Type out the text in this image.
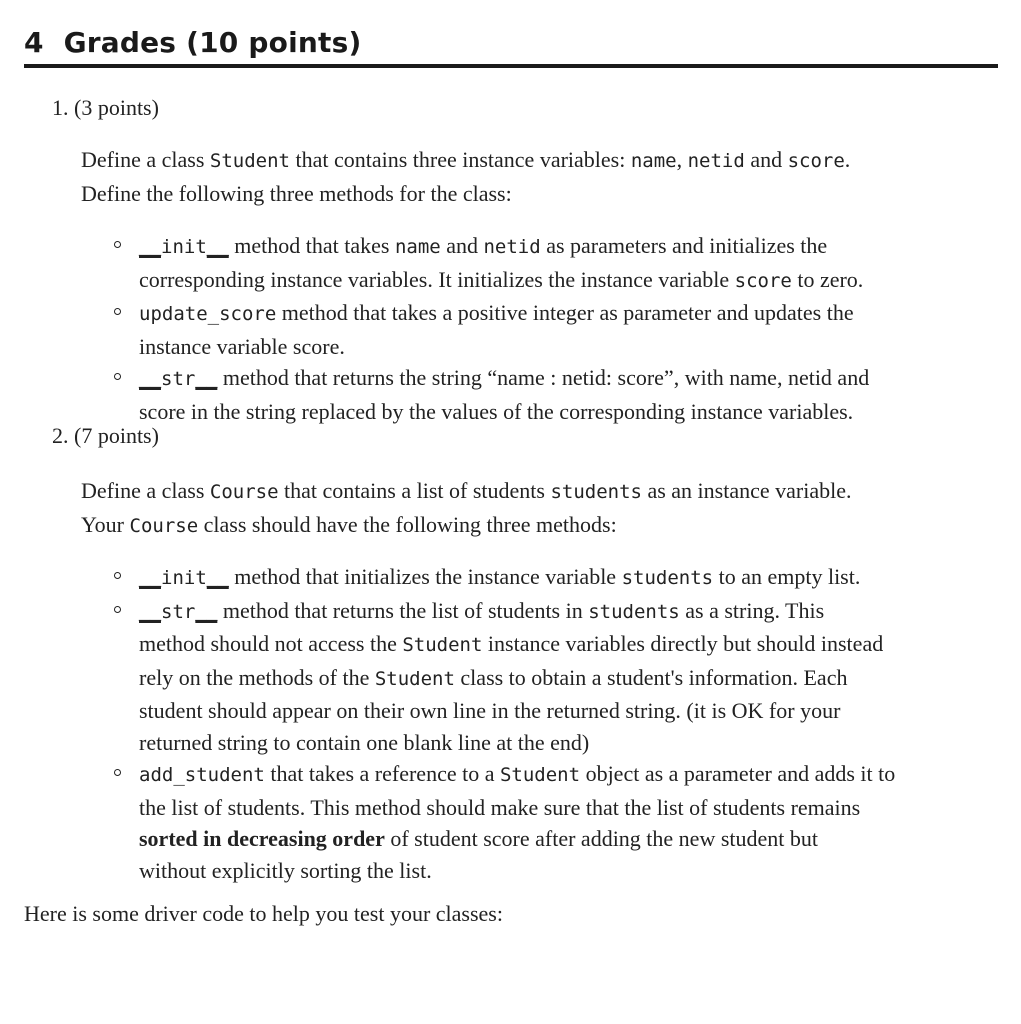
4 Grades (10 points)
1. (3 points)
Define a class Student that contains three instance variables: name, netid and score.
Define the following three methods for the class:
__init__ method that takes name and netid as parameters and initializes the
corresponding instance variables. It initializes the instance variable score to zero.
update_score method that takes a positive integer as parameter and updates the
instance variable score.
__str__ method that returns the string “name : netid: score”, with name, netid and
score in the string replaced by the values of the corresponding instance variables.
2. (7 points)
Define a class Course that contains a list of students students as an instance variable.
Your Course class should have the following three methods:
__init__ method that initializes the instance variable students to an empty list.
__str__ method that returns the list of students in students as a string. This
method should not access the Student instance variables directly but should instead
rely on the methods of the Student class to obtain a student's information. Each
student should appear on their own line in the returned string. (it is OK for your
returned string to contain one blank line at the end)
add_student that takes a reference to a Student object as a parameter and adds it to
the list of students. This method should make sure that the list of students remains
sorted in decreasing order of student score after adding the new student but
without explicitly sorting the list.
Here is some driver code to help you test your classes:
